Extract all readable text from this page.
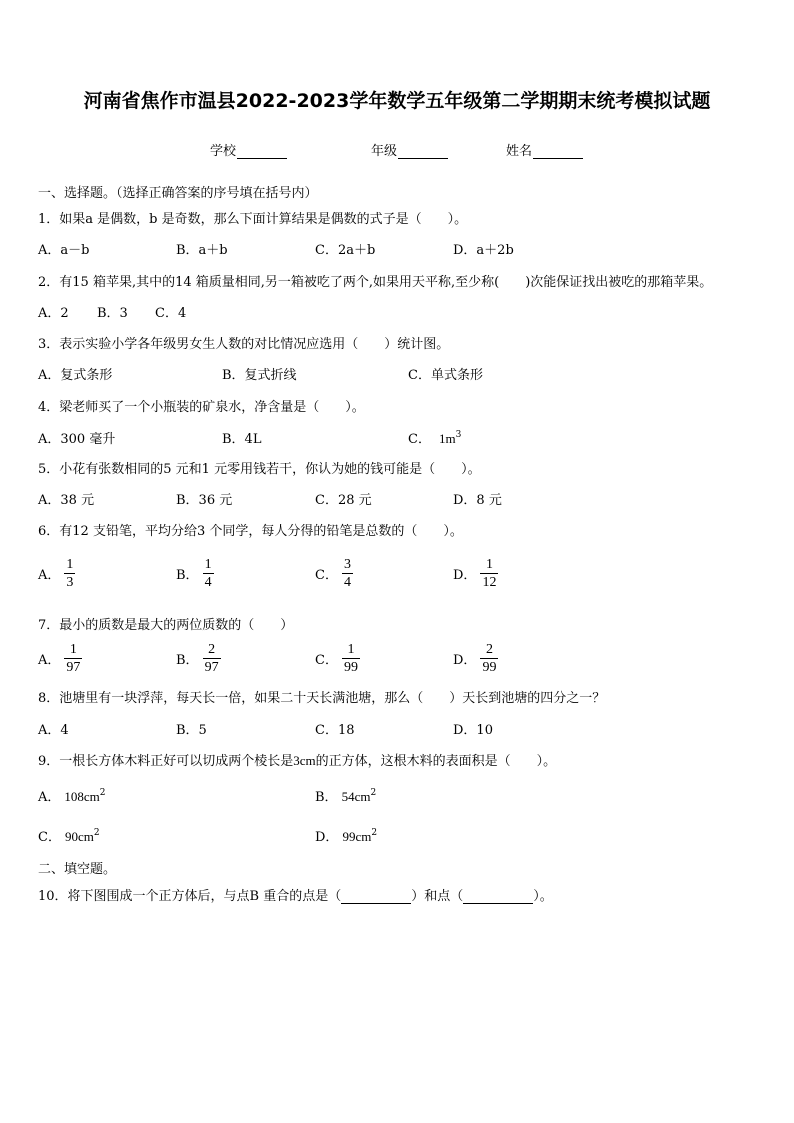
河南省焦作市温县2022-2023学年数学五年级第二学期期末统考模拟试题
学校	年级	姓名
一、选择题。（选择正确答案的序号填在括号内）
1．如果a 是偶数，b 是奇数，那么下面计算结果是偶数的式子是（　　）。
A．a－b	B．a＋b	C．2a＋b	D．a＋2b
2．有15 箱苹果,其中的14 箱质量相同,另一箱被吃了两个,如果用天平称,至少称(　　)次能保证找出被吃的那箱苹果。
A．2 B．3 C．4
3．表示实验小学各年级男女生人数的对比情况应选用（　　）统计图。
A．复式条形	B．复式折线	C．单式条形
4．梁老师买了一个小瓶装的矿泉水，净含量是（　　）。
A．300 毫升	B．4L	C． $1m^3$
5．小花有张数相同的5 元和1 元零用钱若干，你认为她的钱可能是（　　）。
A．38 元	B．36 元	C．28 元	D．8 元
6．有12 支铅笔，平均分给3 个同学，每人分得的铅笔是总数的（　　）。
A． $\frac{1}{3}$	B． $\frac{1}{4}$	C． $\frac{3}{4}$	D． $\frac{1}{12}$
7．最小的质数是最大的两位质数的（　　）
A． $\frac{1}{97}$	B． $\frac{2}{97}$	C． $\frac{1}{99}$	D． $\frac{2}{99}$
8．池塘里有一块浮萍，每天长一倍，如果二十天长满池塘，那么（　　）天长到池塘的四分之一？
A．4	B．5	C．18	D．10
9．一根长方体木料正好可以切成两个棱长是3cm的正方体，这根木料的表面积是（　　）。
A． $108cm^2$	B． $54cm^2$
C． $90cm^2$	D． $99cm^2$
二、填空题。
10．将下图围成一个正方体后，与点B 重合的点是（	）和点（	）。
